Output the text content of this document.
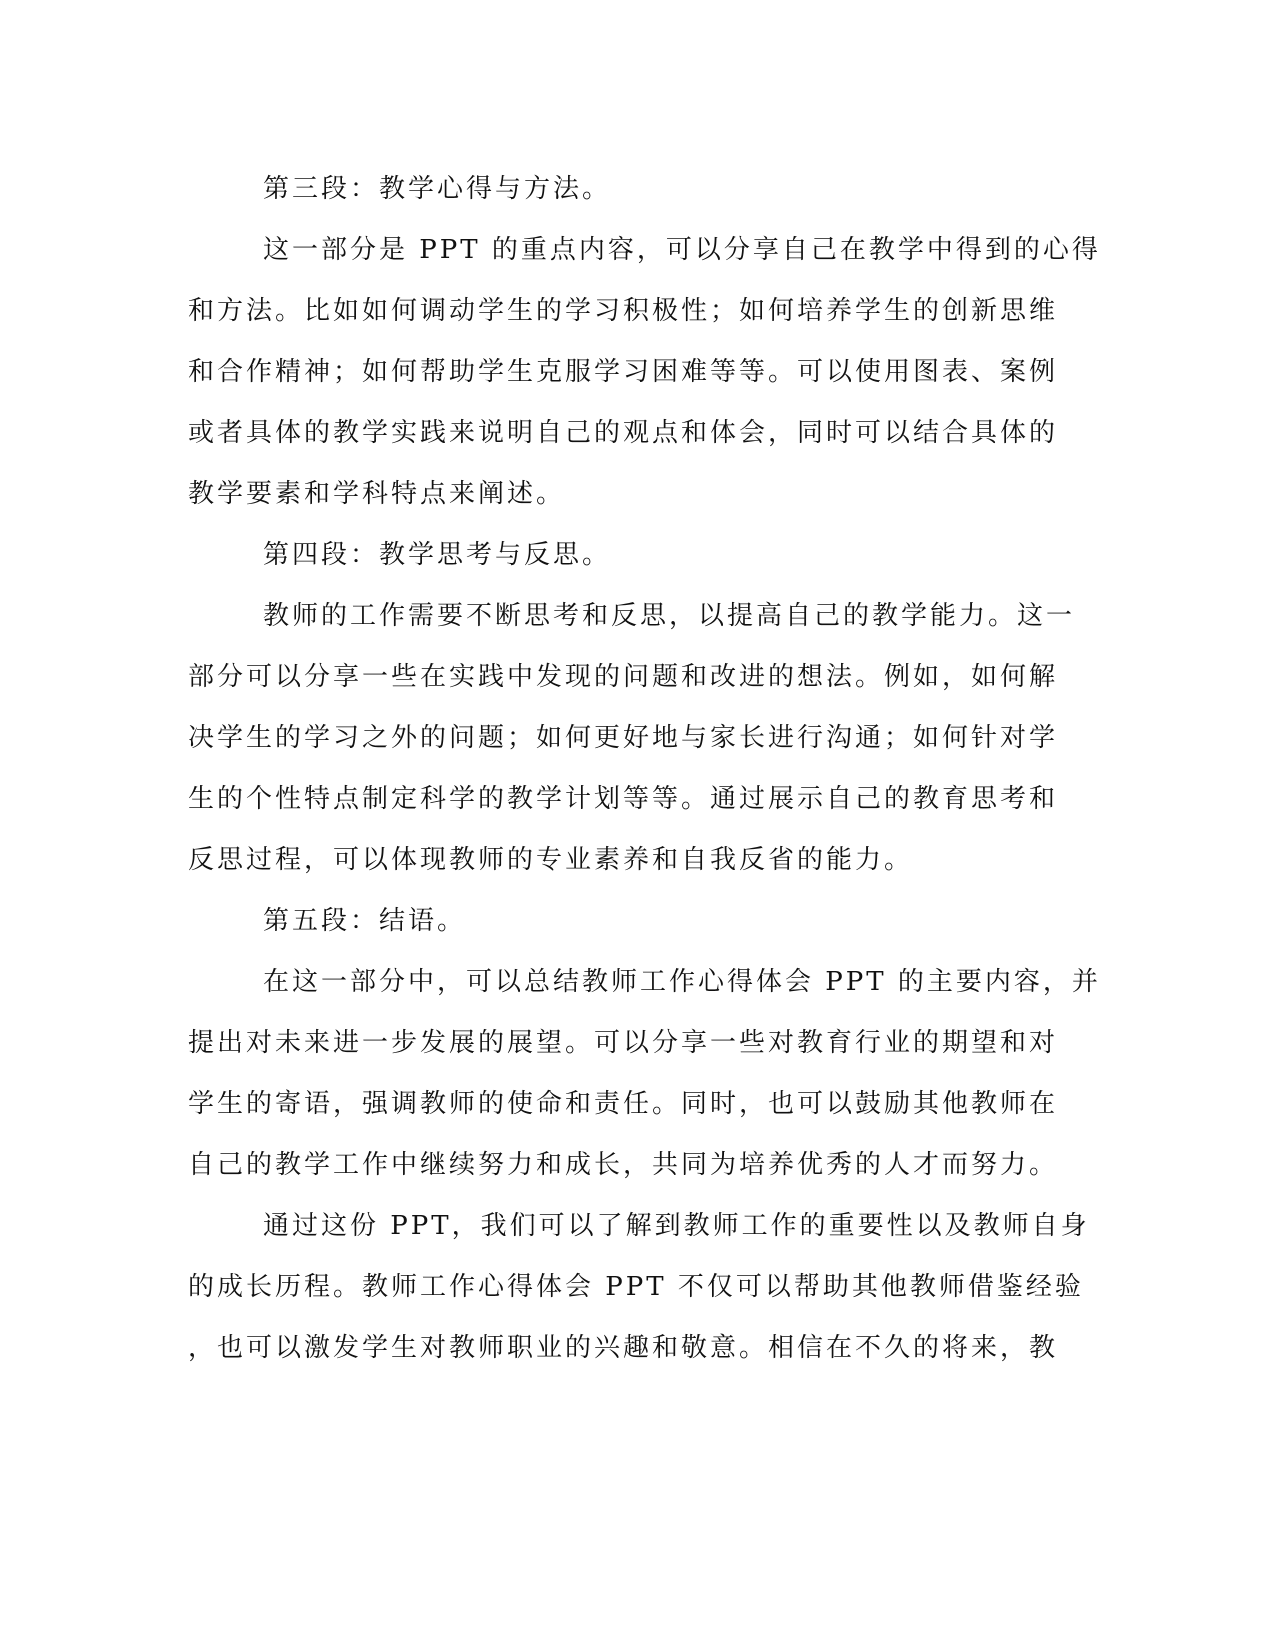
第三段：教学心得与方法。
这一部分是 PPT 的重点内容，可以分享自己在教学中得到的心得
和方法。比如如何调动学生的学习积极性；如何培养学生的创新思维
和合作精神；如何帮助学生克服学习困难等等。可以使用图表、案例
或者具体的教学实践来说明自己的观点和体会，同时可以结合具体的
教学要素和学科特点来阐述。
第四段：教学思考与反思。
教师的工作需要不断思考和反思，以提高自己的教学能力。这一
部分可以分享一些在实践中发现的问题和改进的想法。例如，如何解
决学生的学习之外的问题；如何更好地与家长进行沟通；如何针对学
生的个性特点制定科学的教学计划等等。通过展示自己的教育思考和
反思过程，可以体现教师的专业素养和自我反省的能力。
第五段：结语。
在这一部分中，可以总结教师工作心得体会 PPT 的主要内容，并
提出对未来进一步发展的展望。可以分享一些对教育行业的期望和对
学生的寄语，强调教师的使命和责任。同时，也可以鼓励其他教师在
自己的教学工作中继续努力和成长，共同为培养优秀的人才而努力。
通过这份 PPT，我们可以了解到教师工作的重要性以及教师自身
的成长历程。教师工作心得体会 PPT 不仅可以帮助其他教师借鉴经验
，也可以激发学生对教师职业的兴趣和敬意。相信在不久的将来，教
